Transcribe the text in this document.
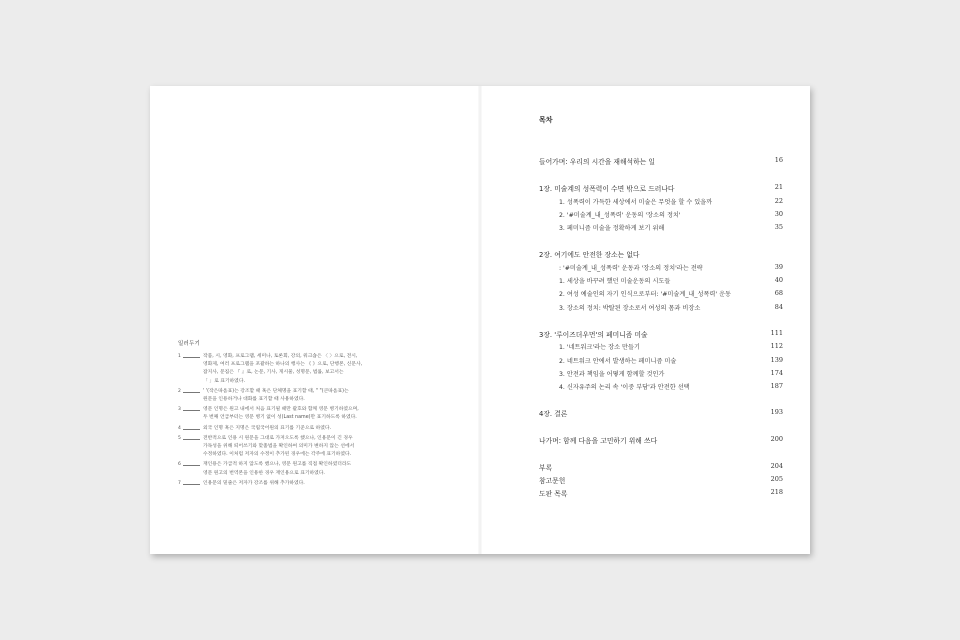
일러두기
1	작품, 시, 영화, 프로그램, 세미나, 토론회, 강의, 워크숍은 〈 〉으로, 전시,
영화제, 여러 프로그램을 포괄하는 하나의 행사는 《 》으로, 단행본, 신문사,
잡지사, 문집은 『 』로, 논문, 기사, 게시물, 성명문, 법률, 보고서는
「 」로 표기하였다.
2	' '(작은따옴표)는 강조할 때 혹은 단체명을 표기할 때, " "(큰따옴표)는
원문을 인용하거나 대화를 표기할 때 사용하였다.
3	영문 인명은 원고 내에서 처음 표기될 때만 괄호와 함께 영문 병기하였으며,
두 번째 언급부터는 영문 병기 없이 성(Last name)만 표기하도록 하였다.
4	외국 인명 혹은 지명은 국립국어원의 표기를 기준으로 하였다.
5	전반적으로 인용 시 원문을 그대로 가져오도록 했으나, 인용문이 긴 경우
가독성을 위해 띄어쓰기와 맞춤법을 확인하여 의미가 변하지 않는 선에서
수정하였다. 이처럼 저자의 수정이 추가된 경우에는 각주에 표기하였다.
6	재인용은 가급적 하지 않도록 했으나, 영문 원고를 직접 확인하였더라도
영문 원고의 번역본을 인용한 경우 재인용으로 표기하였다.
7	인용문의 밑줄은 저자가 강조를 위해 추가하였다.
목차
들어가며: 우리의 시간을 재해석하는 일	16
1장. 미술계의 성폭력이 수면 밖으로 드러나다	21
1. 성폭력이 가득한 세상에서 미술은 무엇을 할 수 있을까	22
2. '#미술계_내_성폭력' 운동의 '장소의 정치'	30
3. 페미니즘 미술을 정확하게 보기 위해	35
2장. 여기에도 안전한 장소는 없다
: '#미술계_내_성폭력' 운동과 '장소의 정치'라는 전략	39
1. 세상을 바꾸려 했던 미술운동의 시도들	40
2. 여성 예술인의 자기 인식으로부터: '#미술계_내_성폭력' 운동	68
3. 장소의 정치: 박탈된 장소로서 여성의 몸과 비장소	84
3장. '루이즈더우먼'의 페미니즘 미술	111
1. '네트워크'라는 장소 만들기	112
2. 네트워크 안에서 발생하는 페미니즘 미술	139
3. 안전과 책임을 어떻게 함께할 것인가	174
4. 신자유주의 논리 속 '이중 부담'과 안전한 선택	187
4장. 결론	193
나가며: 함께 다음을 고민하기 위해 쓰다	200
부록	204
참고문헌	205
도판 목록	218
